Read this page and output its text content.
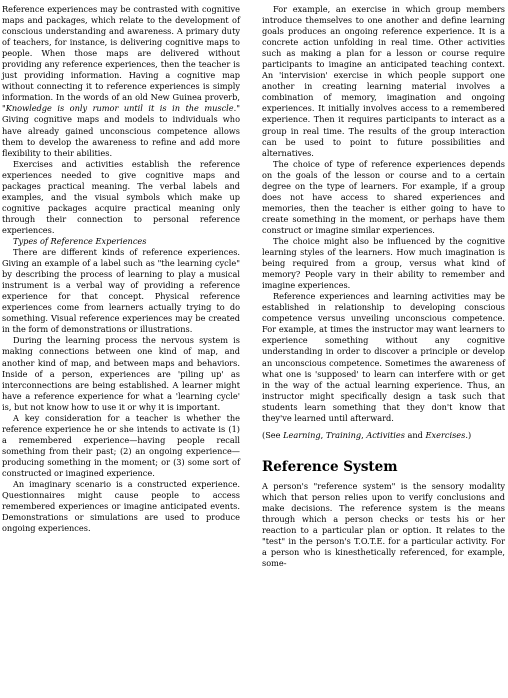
Reference experiences may be contrasted with cognitive maps and packages, which relate to the development of conscious understanding and awareness. A primary duty of teachers, for instance, is delivering cognitive maps to people. When those maps are delivered without providing any reference experiences, then the teacher is just providing information. Having a cognitive map without connecting it to reference experiences is simply information. In the words of an old New Guinea proverb, "Knowledge is only rumor until it is in the muscle." Giving cognitive maps and models to individuals who have already gained unconscious competence allows them to develop the awareness to refine and add more flexibility to their abilities.

Exercises and activities establish the reference experiences needed to give cognitive maps and packages practical meaning. The verbal labels and examples, and the visual symbols which make up cognitive packages acquire practical meaning only through their connection to personal reference experiences.

Types of Reference Experiences

There are different kinds of reference experiences. Giving an example of a label such as "the learning cycle" by describing the process of learning to play a musical instrument is a verbal way of providing a reference experience for that concept. Physical reference experiences come from learners actually trying to do something. Visual reference experiences may be created in the form of demonstrations or illustrations.

During the learning process the nervous system is making connections between one kind of map, and another kind of map, and between maps and behaviors. Inside of a person, experiences are 'piling up' as interconnections are being established. A learner might have a reference experience for what a 'learning cycle' is, but not know how to use it or why it is important.

A key consideration for a teacher is whether the reference experience he or she intends to activate is (1) a remembered experience—having people recall something from their past; (2) an ongoing experience—producing something in the moment; or (3) some sort of constructed or imagined experience.

An imaginary scenario is a constructed experience. Questionnaires might cause people to access remembered experiences or imagine anticipated events. Demonstrations or simulations are used to produce ongoing experiences.

For example, an exercise in which group members introduce themselves to one another and define learning goals produces an ongoing reference experience. It is a concrete action unfolding in real time. Other activities such as making a plan for a lesson or course require participants to imagine an anticipated teaching context. An 'intervision' exercise in which people support one another in creating learning material involves a combination of memory, imagination and ongoing experiences. It initially involves access to a remembered experience. Then it requires participants to interact as a group in real time. The results of the group interaction can be used to point to future possibilities and alternatives.

The choice of type of reference experiences depends on the goals of the lesson or course and to a certain degree on the type of learners. For example, if a group does not have access to shared experiences and memories, then the teacher is either going to have to create something in the moment, or perhaps have them construct or imagine similar experiences.

The choice might also be influenced by the cognitive learning styles of the learners. How much imagination is being required from a group, versus what kind of memory? People vary in their ability to remember and imagine experiences.

Reference experiences and learning activities may be established in relationship to developing conscious competence versus unveiling unconscious competence. For example, at times the instructor may want learners to experience something without any cognitive understanding in order to discover a principle or develop an unconscious competence. Sometimes the awareness of what one is 'supposed' to learn can interfere with or get in the way of the actual learning experience. Thus, an instructor might specifically design a task such that students learn something that they don't know that they've learned until afterward.

(See Learning, Training, Activities and Exercises.)

Reference System

A person's "reference system" is the sensory modality which that person relies upon to verify conclusions and make decisions. The reference system is the means through which a person checks or tests his or her reaction to a particular plan or option. It relates to the "test" in the person's T.O.T.E. for a particular activity. For a person who is kinesthetically referenced, for example, some-
